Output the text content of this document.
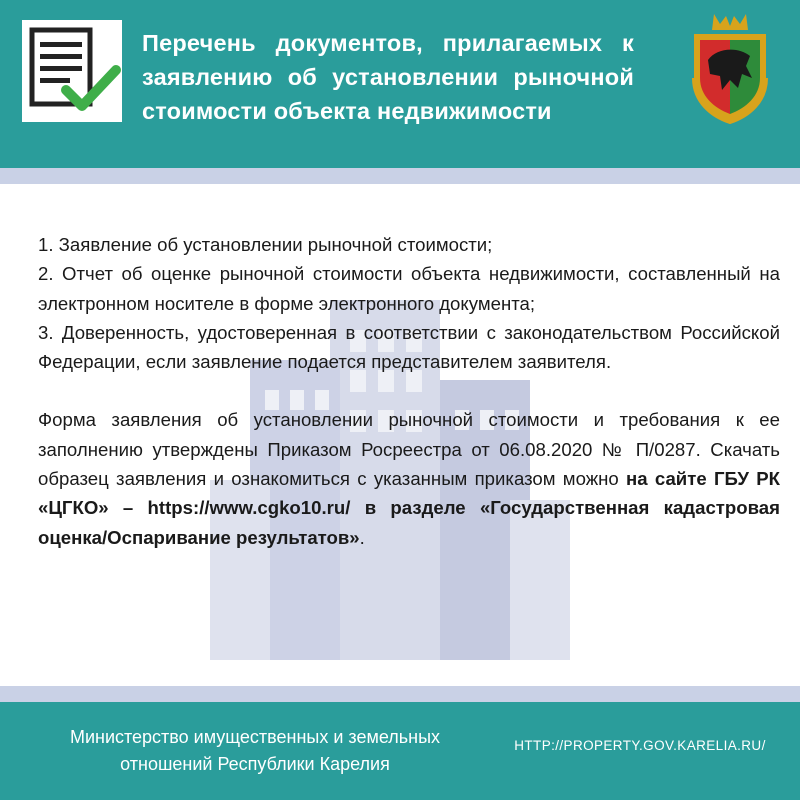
Перечень документов, прилагаемых к заявлению об установлении рыночной стоимости объекта недвижимости

1. Заявление об установлении рыночной стоимости;

2. Отчет об оценке рыночной стоимости объекта недвижимости, составленный на электронном носителе в форме электронного документа;

3. Доверенность, удостоверенная в соответствии с законодательством Российской Федерации, если заявление подается представителем заявителя.

Форма заявления об установлении рыночной стоимости и требования к ее заполнению утверждены Приказом Росреестра от 06.08.2020 № П/0287. Скачать образец заявления и ознакомиться с указанным приказом можно на сайте ГБУ РК «ЦГКО» – https://www.cgko10.ru/ в разделе «Государственная кадастровая оценка/Оспаривание результатов».

Министерство имущественных и земельных отношений Республики Карелия

HTTP://PROPERTY.GOV.KARELIA.RU/
